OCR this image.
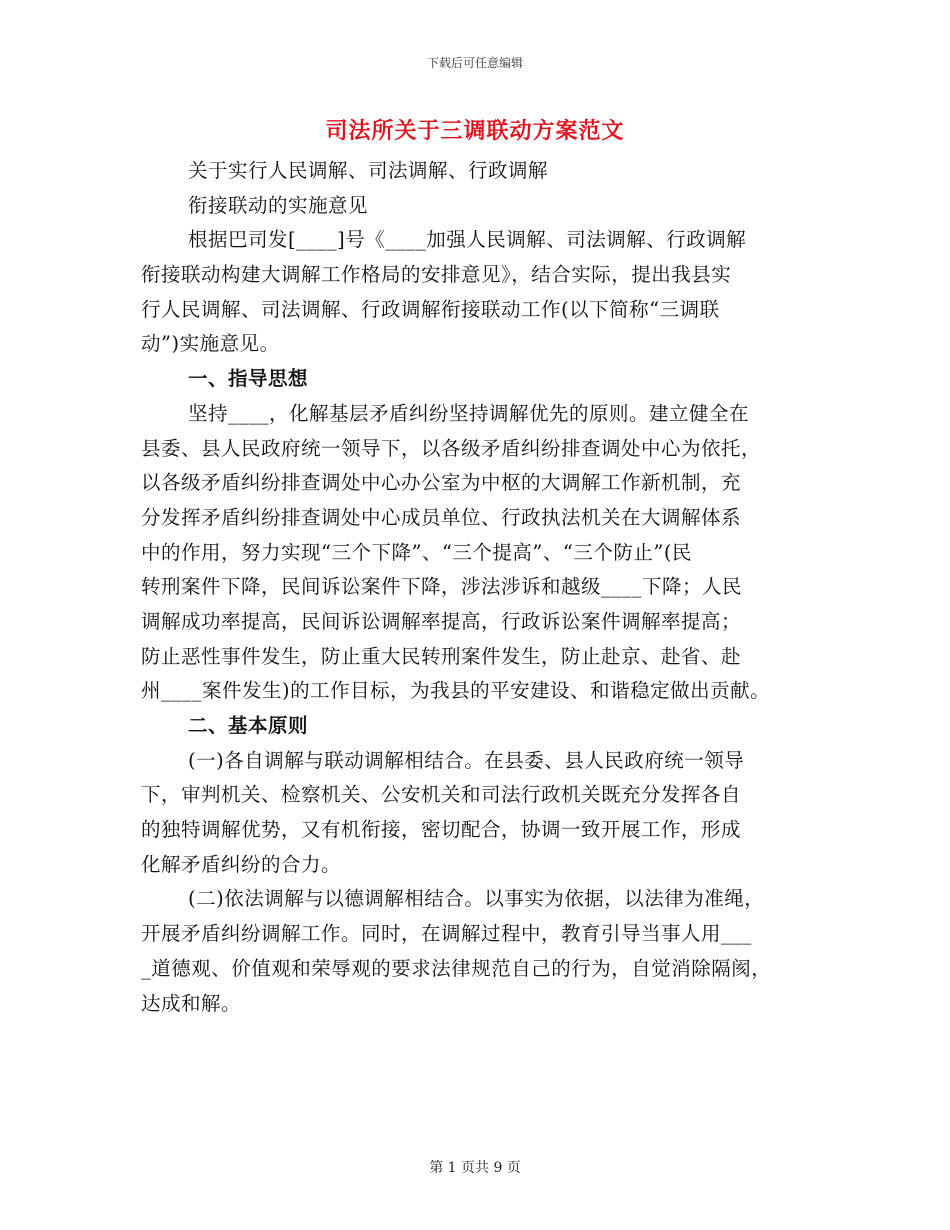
下载后可任意编辑
司法所关于三调联动方案范文
关于实行人民调解、司法调解、行政调解
衔接联动的实施意见
根据巴司发[____]号《____加强人民调解、司法调解、行政调解
衔接联动构建大调解工作格局的安排意见》，结合实际，提出我县实
行人民调解、司法调解、行政调解衔接联动工作(以下简称“三调联
动”)实施意见。
一、指导思想
坚持____，化解基层矛盾纠纷坚持调解优先的原则。建立健全在
县委、县人民政府统一领导下，以各级矛盾纠纷排查调处中心为依托，
以各级矛盾纠纷排查调处中心办公室为中枢的大调解工作新机制，充
分发挥矛盾纠纷排查调处中心成员单位、行政执法机关在大调解体系
中的作用，努力实现“三个下降”、“三个提高”、“三个防止”(民
转刑案件下降，民间诉讼案件下降，涉法涉诉和越级____下降；人民
调解成功率提高，民间诉讼调解率提高，行政诉讼案件调解率提高；
防止恶性事件发生，防止重大民转刑案件发生，防止赴京、赴省、赴
州____案件发生)的工作目标，为我县的平安建设、和谐稳定做出贡献。
二、基本原则
(一)各自调解与联动调解相结合。在县委、县人民政府统一领导
下，审判机关、检察机关、公安机关和司法行政机关既充分发挥各自
的独特调解优势，又有机衔接，密切配合，协调一致开展工作，形成
化解矛盾纠纷的合力。
(二)依法调解与以德调解相结合。以事实为依据，以法律为准绳，
开展矛盾纠纷调解工作。同时，在调解过程中，教育引导当事人用___
_道德观、价值观和荣辱观的要求法律规范自己的行为，自觉消除隔阂，
达成和解。
第 1 页共 9 页
